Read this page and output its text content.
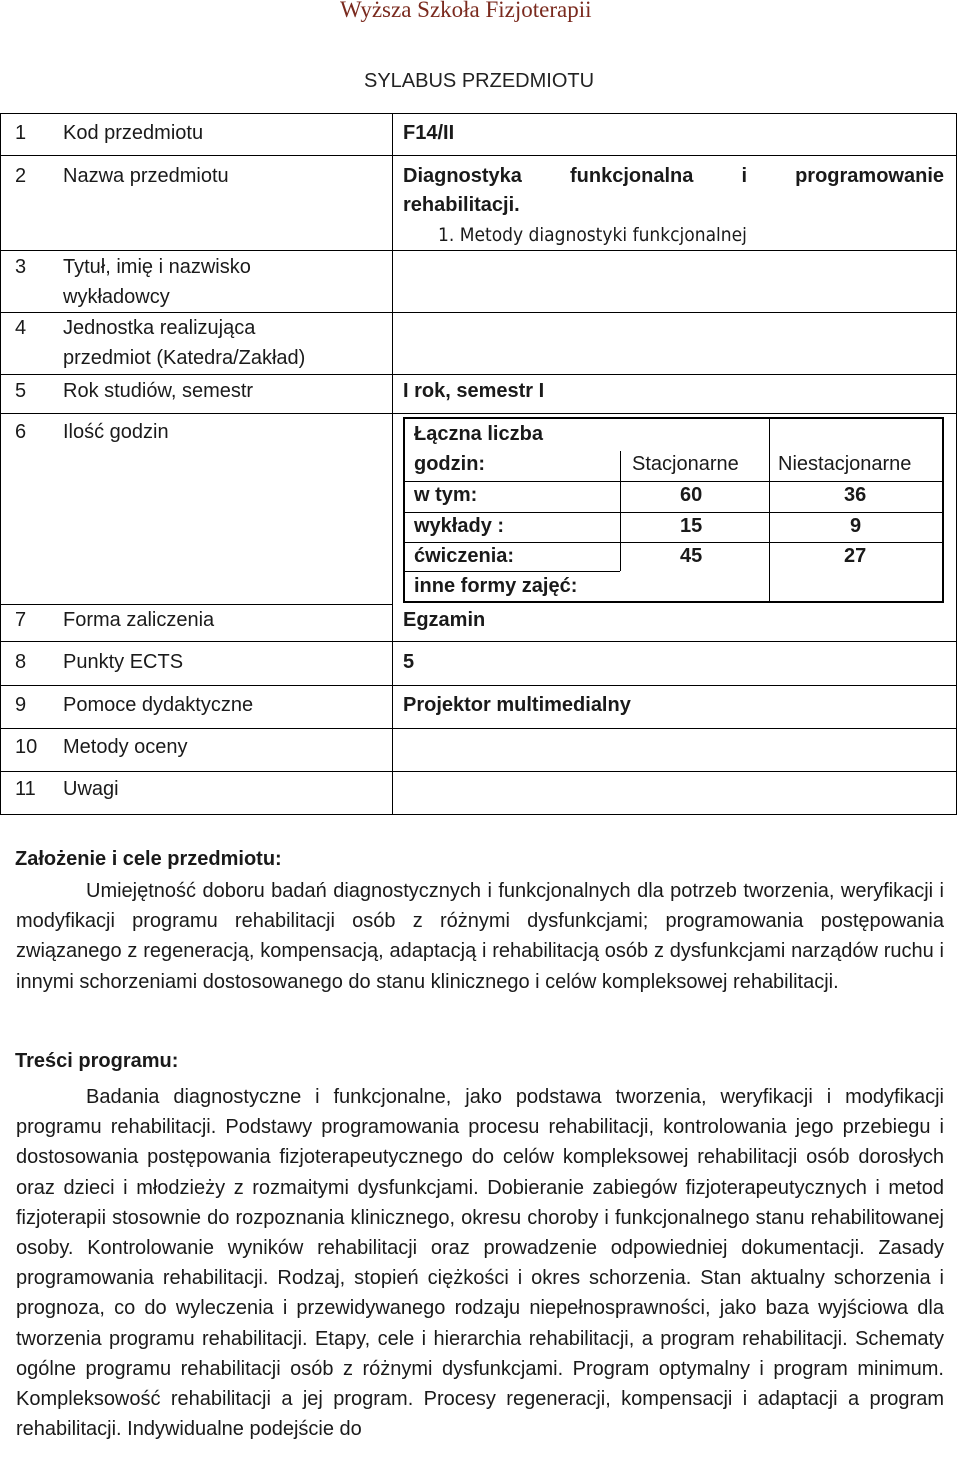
Wyższa Szkoła Fizjoterapii
SYLABUS PRZEDMIOTU
1 Kod przedmiotu	F14/II
2 Nazwa przedmiotu	Diagnostyka funkcjonalna i programowanie
rehabilitacji.
1. Metody diagnostyki funkcjonalnej
3 Tytuł, imię i nazwisko
wykładowcy
4 Jednostka realizująca
przedmiot (Katedra/Zakład)
5 Rok studiów, semestr	I rok, semestr I
6 Ilość godzin	Łączna liczba
godzin:	Stacjonarne Niestacjonarne
w tym:	60	36
wykłady :	15	9
ćwiczenia:	45	27
inne formy zajęć:
7 Forma zaliczenia	Egzamin
8 Punkty ECTS	5
9 Pomoce dydaktyczne	Projektor multimedialny
10 Metody oceny
11 Uwagi
Założenie i cele przedmiotu:
Umiejętność doboru badań diagnostycznych i funkcjonalnych dla potrzeb tworzenia, weryfikacji i modyfikacji programu rehabilitacji osób z różnymi dysfunkcjami; programowania postępowania związanego z regeneracją, kompensacją, adaptacją i rehabilitacją osób z dysfunkcjami narządów ruchu i innymi schorzeniami dostosowanego do stanu klinicznego i celów kompleksowej rehabilitacji.
Treści programu:
Badania diagnostyczne i funkcjonalne, jako podstawa tworzenia, weryfikacji i modyfikacji programu rehabilitacji. Podstawy programowania procesu rehabilitacji, kontrolowania jego przebiegu i dostosowania postępowania fizjoterapeutycznego do celów kompleksowej rehabilitacji osób dorosłych oraz dzieci i młodzieży z rozmaitymi dysfunkcjami. Dobieranie zabiegów fizjoterapeutycznych i metod fizjoterapii stosownie do rozpoznania klinicznego, okresu choroby i funkcjonalnego stanu rehabilitowanej osoby. Kontrolowanie wyników rehabilitacji oraz prowadzenie odpowiedniej dokumentacji. Zasady programowania rehabilitacji. Rodzaj, stopień ciężkości i okres schorzenia. Stan aktualny schorzenia i prognoza, co do wyleczenia i przewidywanego rodzaju niepełnosprawności, jako baza wyjściowa dla tworzenia programu rehabilitacji. Etapy, cele i hierarchia rehabilitacji, a program rehabilitacji. Schematy ogólne programu rehabilitacji osób z różnymi dysfunkcjami. Program optymalny i program minimum. Kompleksowość rehabilitacji a jej program. Procesy regeneracji, kompensacji i adaptacji a program rehabilitacji. Indywidualne podejście do
